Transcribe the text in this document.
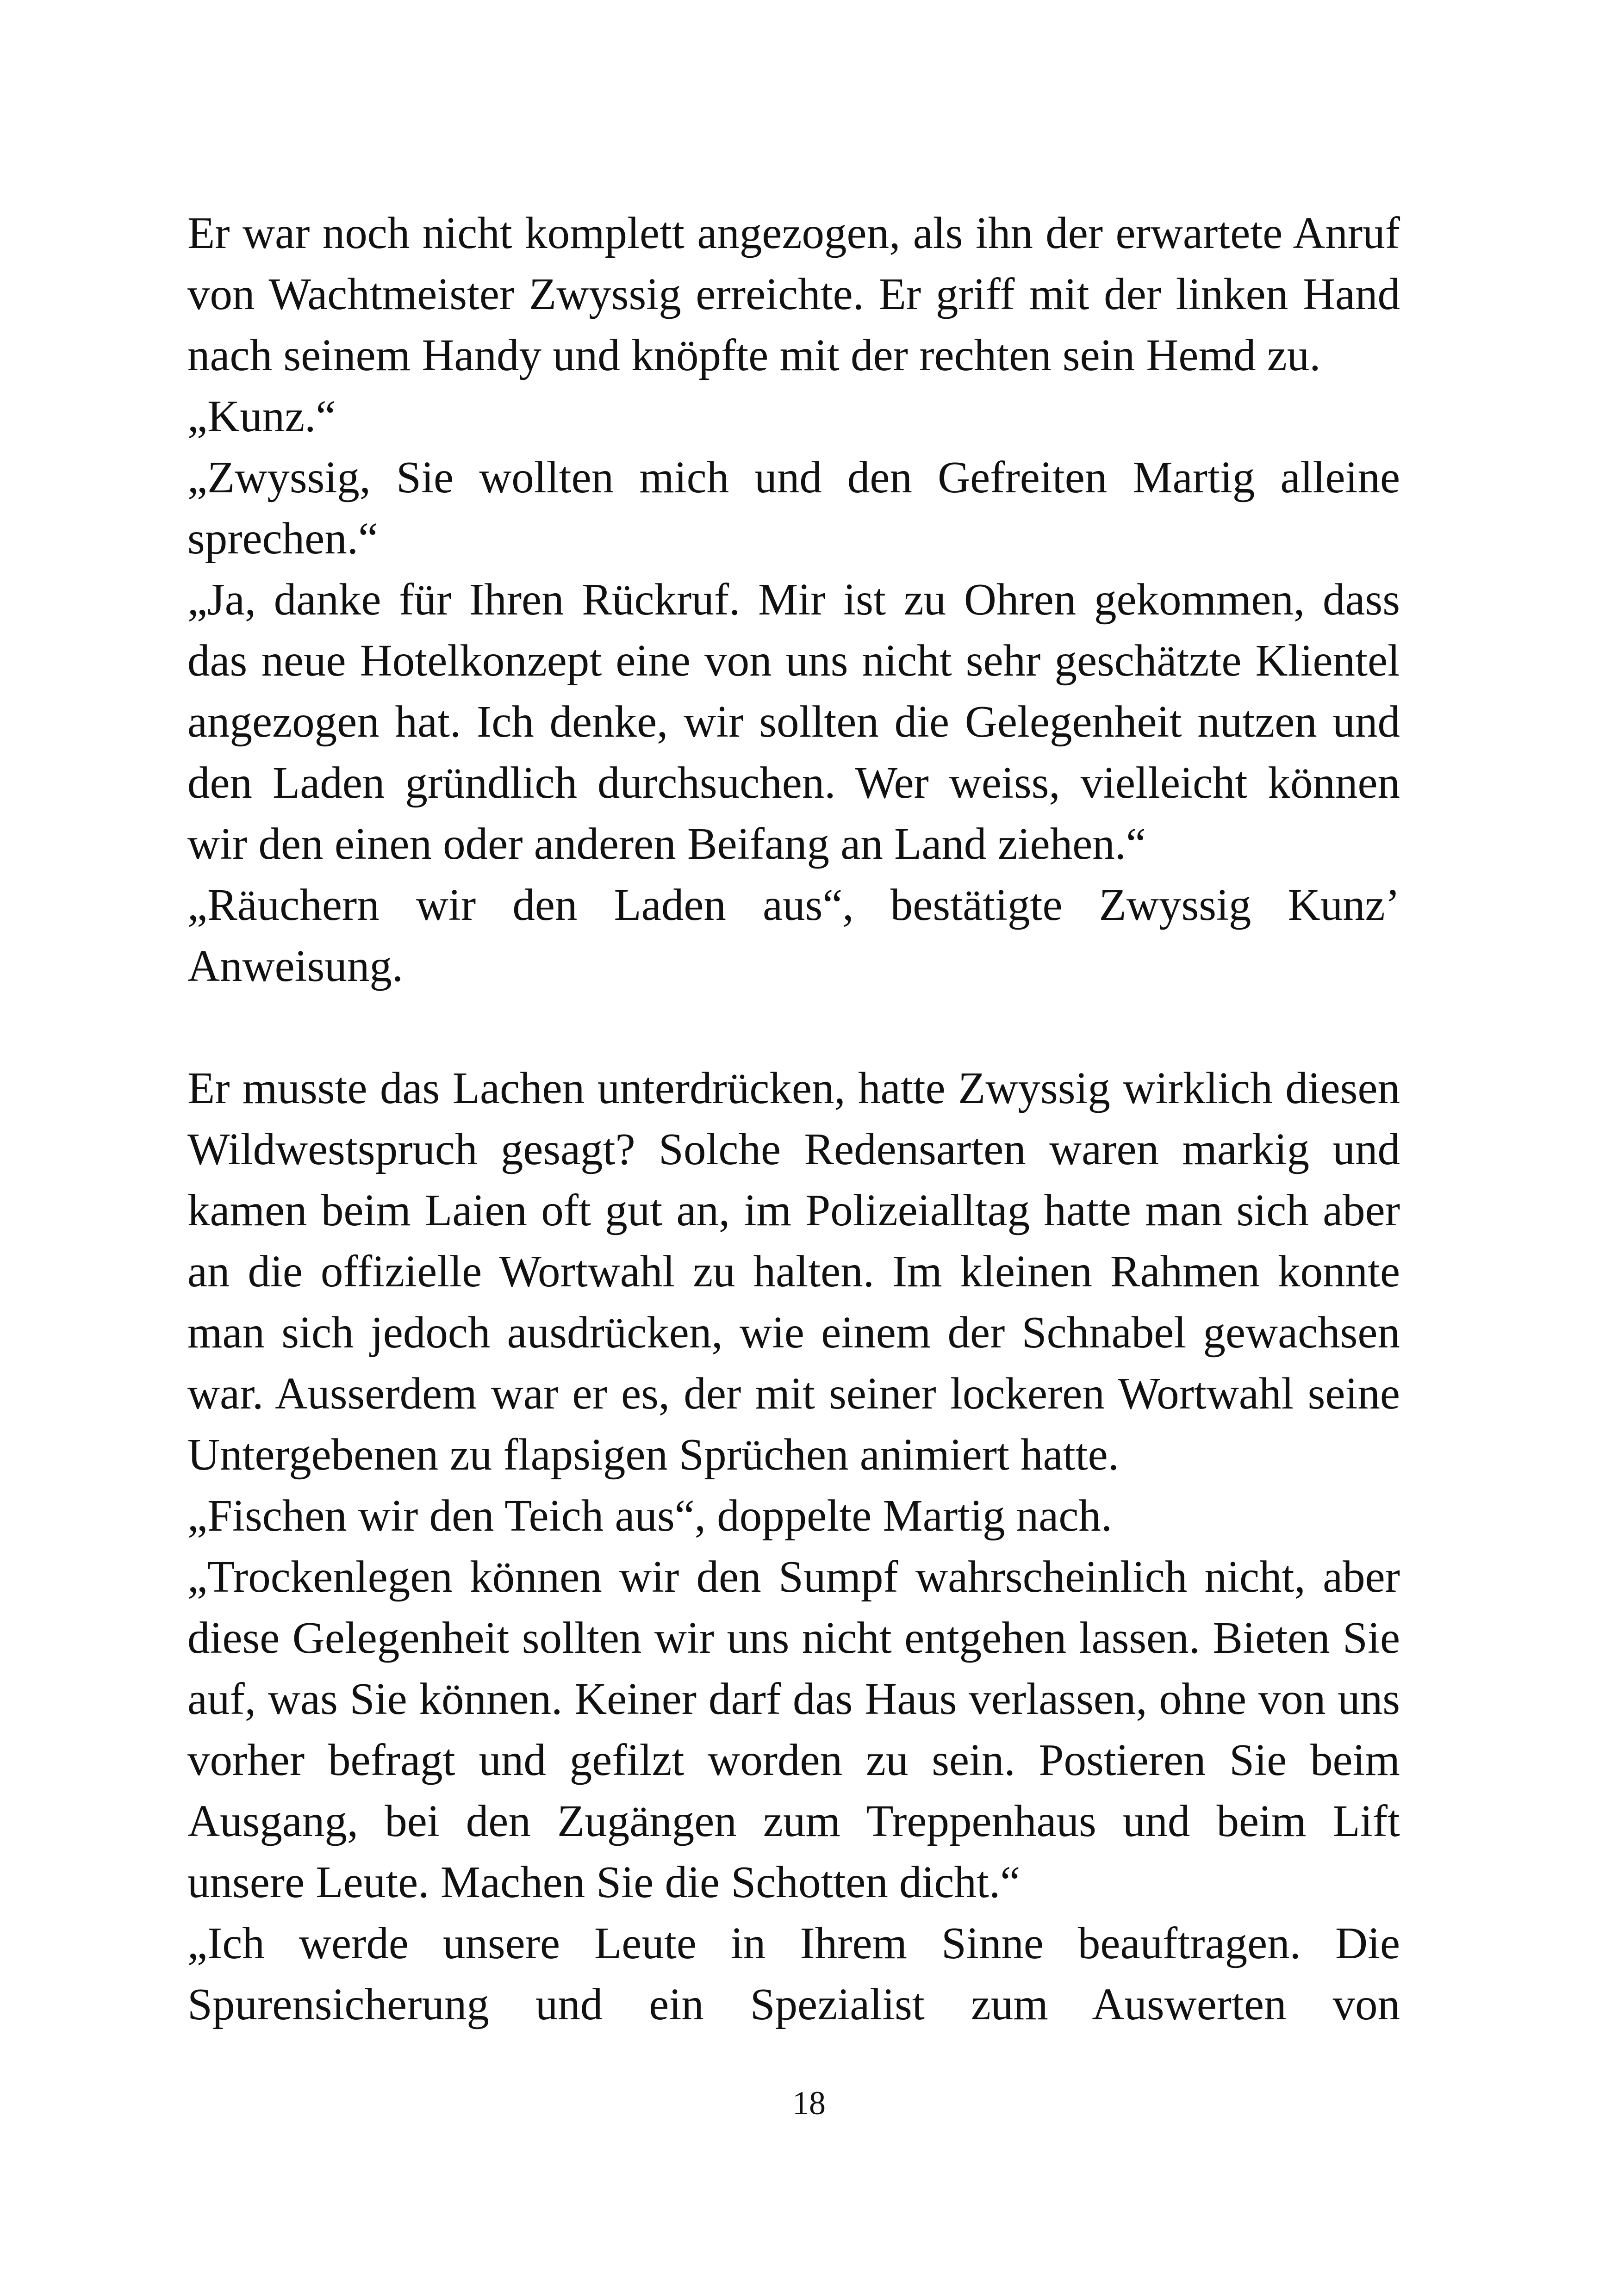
Er war noch nicht komplett angezogen, als ihn der erwartete Anruf von Wachtmeister Zwyssig erreichte. Er griff mit der linken Hand nach seinem Handy und knöpfte mit der rechten sein Hemd zu.

„Kunz.“

„Zwyssig, Sie wollten mich und den Gefreiten Martig alleine sprechen.“

„Ja, danke für Ihren Rückruf. Mir ist zu Ohren gekommen, dass das neue Hotelkonzept eine von uns nicht sehr geschätzte Klientel angezogen hat. Ich denke, wir sollten die Gelegenheit nutzen und den Laden gründlich durchsuchen. Wer weiss, vielleicht können wir den einen oder anderen Beifang an Land ziehen.“

„Räuchern wir den Laden aus“, bestätigte Zwyssig Kunz’ Anweisung.

Er musste das Lachen unterdrücken, hatte Zwyssig wirklich diesen Wildwestspruch gesagt? Solche Redensarten waren markig und kamen beim Laien oft gut an, im Polizeialltag hatte man sich aber an die offizielle Wortwahl zu halten. Im kleinen Rahmen konnte man sich jedoch ausdrücken, wie einem der Schnabel gewachsen war. Ausserdem war er es, der mit seiner lockeren Wortwahl seine Untergebenen zu flapsigen Sprüchen animiert hatte.

„Fischen wir den Teich aus“, doppelte Martig nach.

„Trockenlegen können wir den Sumpf wahrscheinlich nicht, aber diese Gelegenheit sollten wir uns nicht entgehen lassen. Bieten Sie auf, was Sie können. Keiner darf das Haus verlassen, ohne von uns vorher befragt und gefilzt worden zu sein. Postieren Sie beim Ausgang, bei den Zugängen zum Treppenhaus und beim Lift unsere Leute. Machen Sie die Schotten dicht.“

„Ich werde unsere Leute in Ihrem Sinne beauftragen. Die Spurensicherung und ein Spezialist zum Auswerten von

18
